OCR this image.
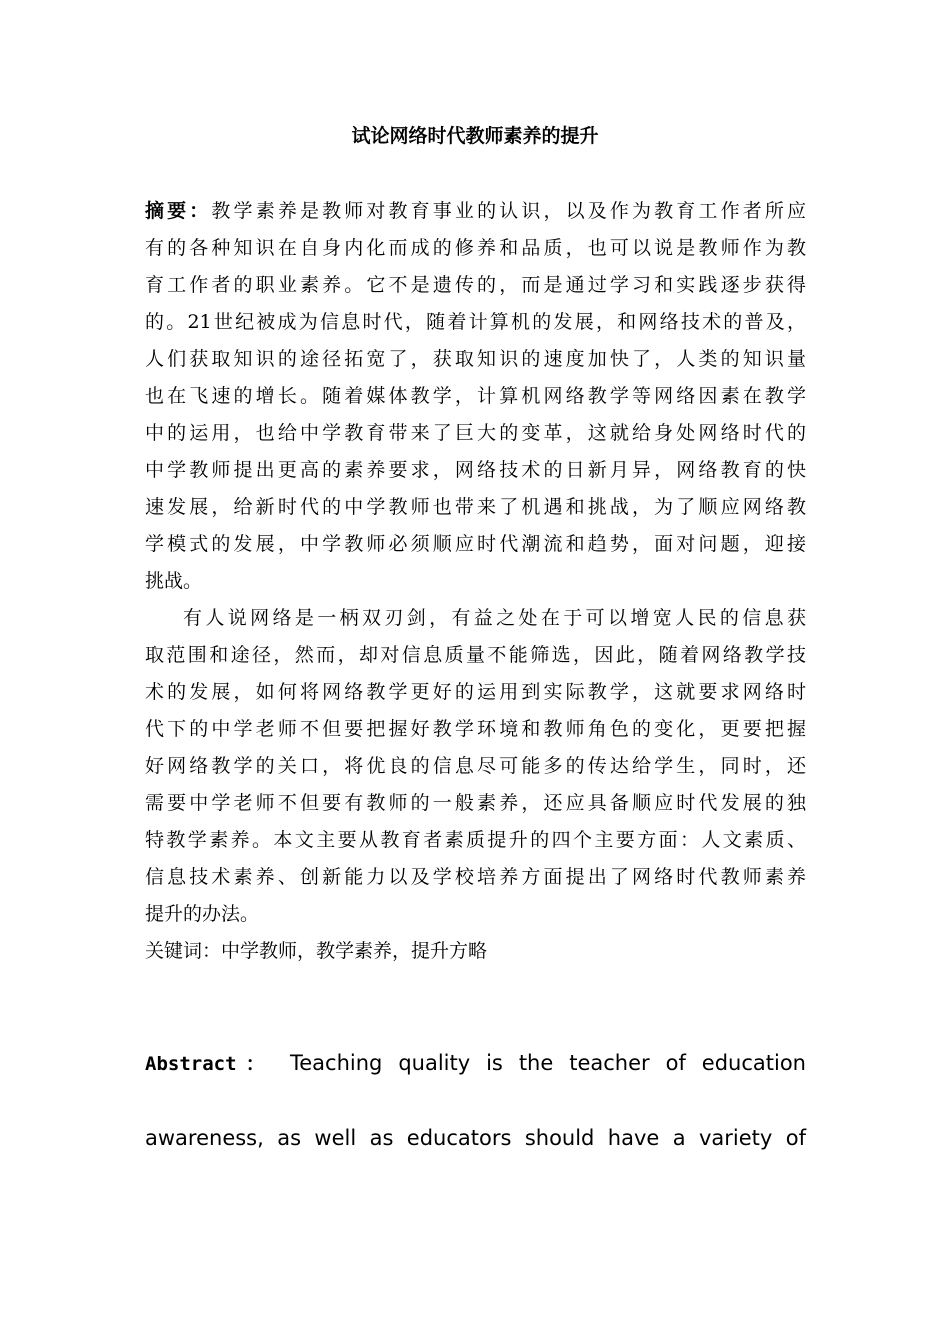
试论网络时代教师素养的提升
摘要：教学素养是教师对教育事业的认识，以及作为教育工作者所应
有的各种知识在自身内化而成的修养和品质，也可以说是教师作为教
育工作者的职业素养。它不是遗传的，而是通过学习和实践逐步获得
的。21世纪被成为信息时代，随着计算机的发展，和网络技术的普及，
人们获取知识的途径拓宽了，获取知识的速度加快了，人类的知识量
也在飞速的增长。随着媒体教学，计算机网络教学等网络因素在教学
中的运用，也给中学教育带来了巨大的变革，这就给身处网络时代的
中学教师提出更高的素养要求，网络技术的日新月异，网络教育的快
速发展，给新时代的中学教师也带来了机遇和挑战，为了顺应网络教
学模式的发展，中学教师必须顺应时代潮流和趋势，面对问题，迎接
挑战。
有人说网络是一柄双刃剑，有益之处在于可以增宽人民的信息获
取范围和途径，然而，却对信息质量不能筛选，因此，随着网络教学技
术的发展，如何将网络教学更好的运用到实际教学，这就要求网络时
代下的中学老师不但要把握好教学环境和教师角色的变化，更要把握
好网络教学的关口，将优良的信息尽可能多的传达给学生，同时，还
需要中学老师不但要有教师的一般素养，还应具备顺应时代发展的独
特教学素养。本文主要从教育者素质提升的四个主要方面：人文素质、
信息技术素养、创新能力以及学校培养方面提出了网络时代教师素养
提升的办法。
关键词：中学教师，教学素养，提升方略
Abstract： Teaching quality is the teacher of education
awareness, as well as educators should have a variety of
